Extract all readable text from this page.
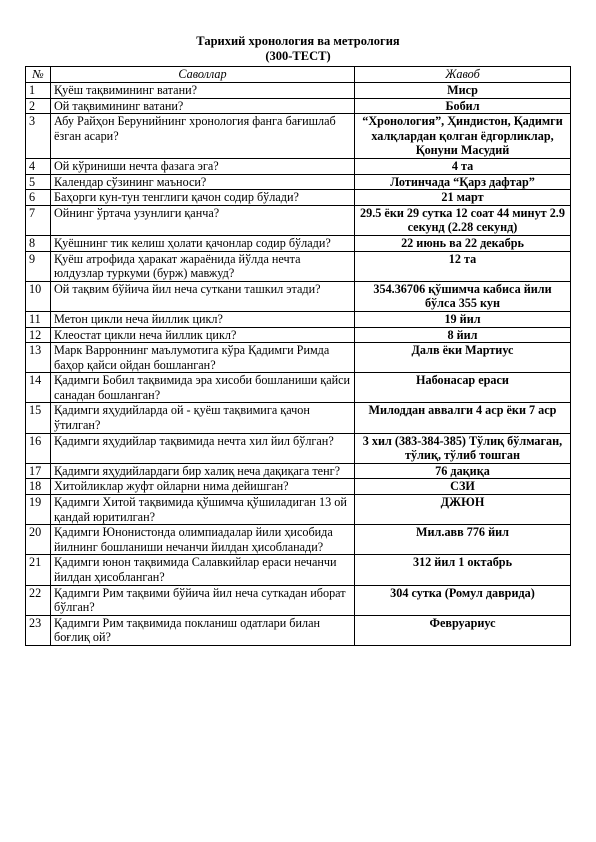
Тарихий хронология ва метрология
(300-ТЕСТ)
№	Саволлар	Жавоб
1	Қуёш тақвимининг ватани?	Миср
2	Ой тақвимининг ватани?	Бобил
3	Абу Райҳон Берунийнинг хронология фанга бағишлаб ёзган асари?	“Хронология”, Ҳиндистон, Қадимги халқлардан қолган ёдгорликлар, Қонуни Масудий
4	Ой кўриниши нечта фазага эга?	4 та
5	Календар сўзининг маъноси?	Лотинчада “Қарз дафтар”
6	Баҳорги кун-тун тенглиги қачон содир бўлади?	21 март
7	Ойнинг ўртача узунлиги қанча?	29.5 ёки 29 сутка 12 соат 44 минут 2.9 секунд (2.28 секунд)
8	Қуёшнинг тик келиш ҳолати қачонлар содир бўлади?	22 июнь ва 22 декабрь
9	Қуёш атрофида ҳаракат жараёнида йўлда нечта юлдузлар туркуми (бурж) мавжуд?	12 та
10	Ой тақвим бўйича йил неча суткани ташкил этади?	354.36706 қўшимча кабиса йили бўлса 355 кун
11	Метон цикли неча йиллик цикл?	19 йил
12	Клеостат цикли неча йиллик цикл?	8 йил
13	Марк Варроннинг маълумотига кўра Қадимги Римда баҳор қайси ойдан бошланган?	Далв ёки Мартиус
14	Қадимги Бобил тақвимида эра хисоби бошланиши қайси санадан бошланган?	Набонасар ераси
15	Қадимги яҳудийларда ой - қуёш тақвимига қачон ўтилган?	Милоддан аввалги 4 аср ёки 7 аср
16	Қадимги яҳудийлар тақвимида нечта хил йил бўлган?	3 хил (383-384-385) Тўлиқ бўлмаган, тўлиқ, тўлиб тошган
17	Қадимги яҳудийлардаги бир халиқ неча дақиқага тенг?	76 дақиқа
18	Хитойликлар жуфт ойларни нима дейишган?	СЗИ
19	Қадимги Хитой тақвимида қўшимча қўшиладиган 13 ой қандай юритилган?	ДЖЮН
20	Қадимги Юнонистонда олимпиадалар йили ҳисобида йилнинг бошланиши нечанчи йилдан ҳисобланади?	Мил.авв 776 йил
21	Қадимги юнон тақвимида Салавкийлар ераси нечанчи йилдан ҳисобланган?	312 йил 1 октабрь
22	Қадимги Рим тақвими бўйича йил неча суткадан иборат бўлган?	304 сутка (Ромул даврида)
23	Қадимги Рим тақвимида покланиш одатлари билан боғлиқ ой?	Февруариус
